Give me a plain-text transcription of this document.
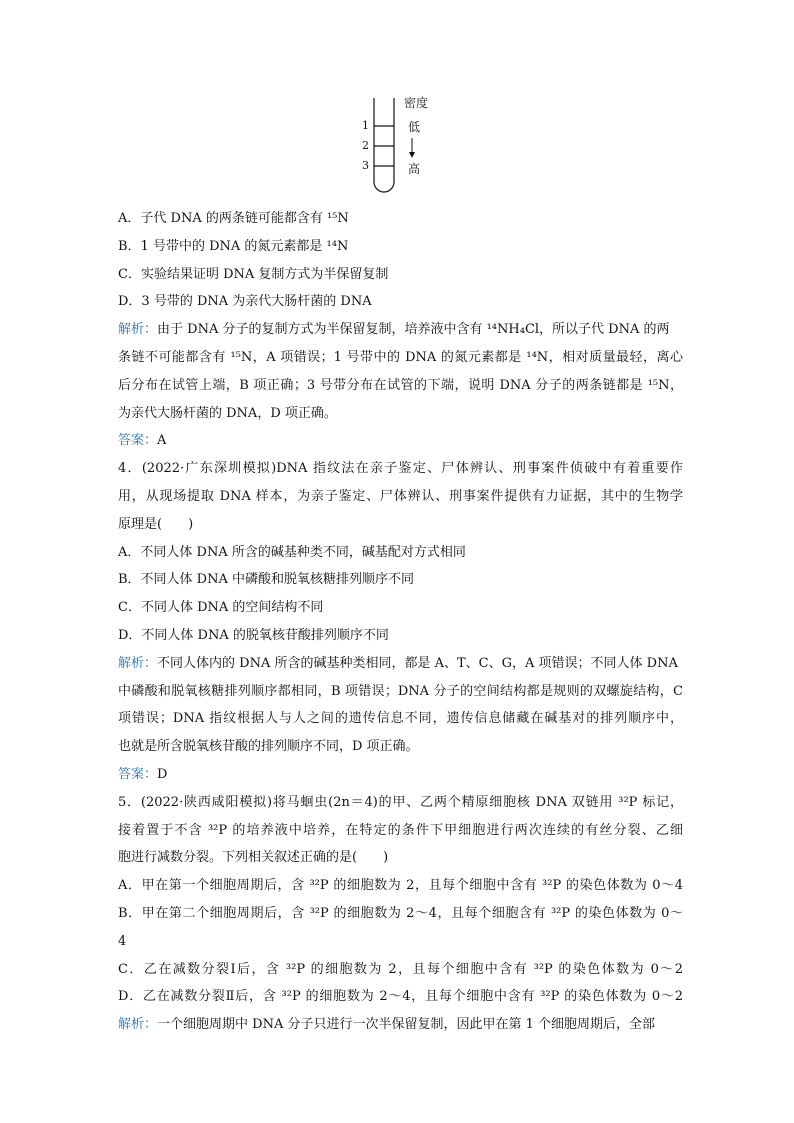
密度
低
高
1
2
3
A．子代 DNA 的两条链可能都含有 ¹⁵N
B．1 号带中的 DNA 的氮元素都是 ¹⁴N
C．实验结果证明 DNA 复制方式为半保留复制
D．3 号带的 DNA 为亲代大肠杆菌的 DNA
解析：由于 DNA 分子的复制方式为半保留复制，培养液中含有 ¹⁴NH₄Cl，所以子代 DNA 的两
条链不可能都含有 ¹⁵N，A 项错误；1 号带中的 DNA 的氮元素都是 ¹⁴N，相对质量最轻，离心
后分布在试管上端，B 项正确；3 号带分布在试管的下端，说明 DNA 分子的两条链都是 ¹⁵N，
为亲代大肠杆菌的 DNA，D 项正确。
答案：A
4．(2022·广东深圳模拟)DNA 指纹法在亲子鉴定、尸体辨认、刑事案件侦破中有着重要作
用，从现场提取 DNA 样本，为亲子鉴定、尸体辨认、刑事案件提供有力证据，其中的生物学
原理是(　　)
A．不同人体 DNA 所含的碱基种类不同，碱基配对方式相同
B．不同人体 DNA 中磷酸和脱氧核糖排列顺序不同
C．不同人体 DNA 的空间结构不同
D．不同人体 DNA 的脱氧核苷酸排列顺序不同
解析：不同人体内的 DNA 所含的碱基种类相同，都是 A、T、C、G，A 项错误；不同人体 DNA
中磷酸和脱氧核糖排列顺序都相同，B 项错误；DNA 分子的空间结构都是规则的双螺旋结构，C
项错误；DNA 指纹根据人与人之间的遗传信息不同，遗传信息储藏在碱基对的排列顺序中，
也就是所含脱氧核苷酸的排列顺序不同，D 项正确。
答案：D
5．(2022·陕西咸阳模拟)将马蛔虫(2n＝4)的甲、乙两个精原细胞核 DNA 双链用 ³²P 标记，
接着置于不含 ³²P 的培养液中培养，在特定的条件下甲细胞进行两次连续的有丝分裂、乙细
胞进行减数分裂。下列相关叙述正确的是(　　)
A．甲在第一个细胞周期后，含 ³²P 的细胞数为 2，且每个细胞中含有 ³²P 的染色体数为 0～4
B．甲在第二个细胞周期后，含 ³²P 的细胞数为 2～4，且每个细胞含有 ³²P 的染色体数为 0～
4
C．乙在减数分裂Ⅰ后，含 ³²P 的细胞数为 2，且每个细胞中含有 ³²P 的染色体数为 0～2
D．乙在减数分裂Ⅱ后，含 ³²P 的细胞数为 2～4，且每个细胞中含有 ³²P 的染色体数为 0～2
解析：一个细胞周期中 DNA 分子只进行一次半保留复制，因此甲在第 1 个细胞周期后，全部
